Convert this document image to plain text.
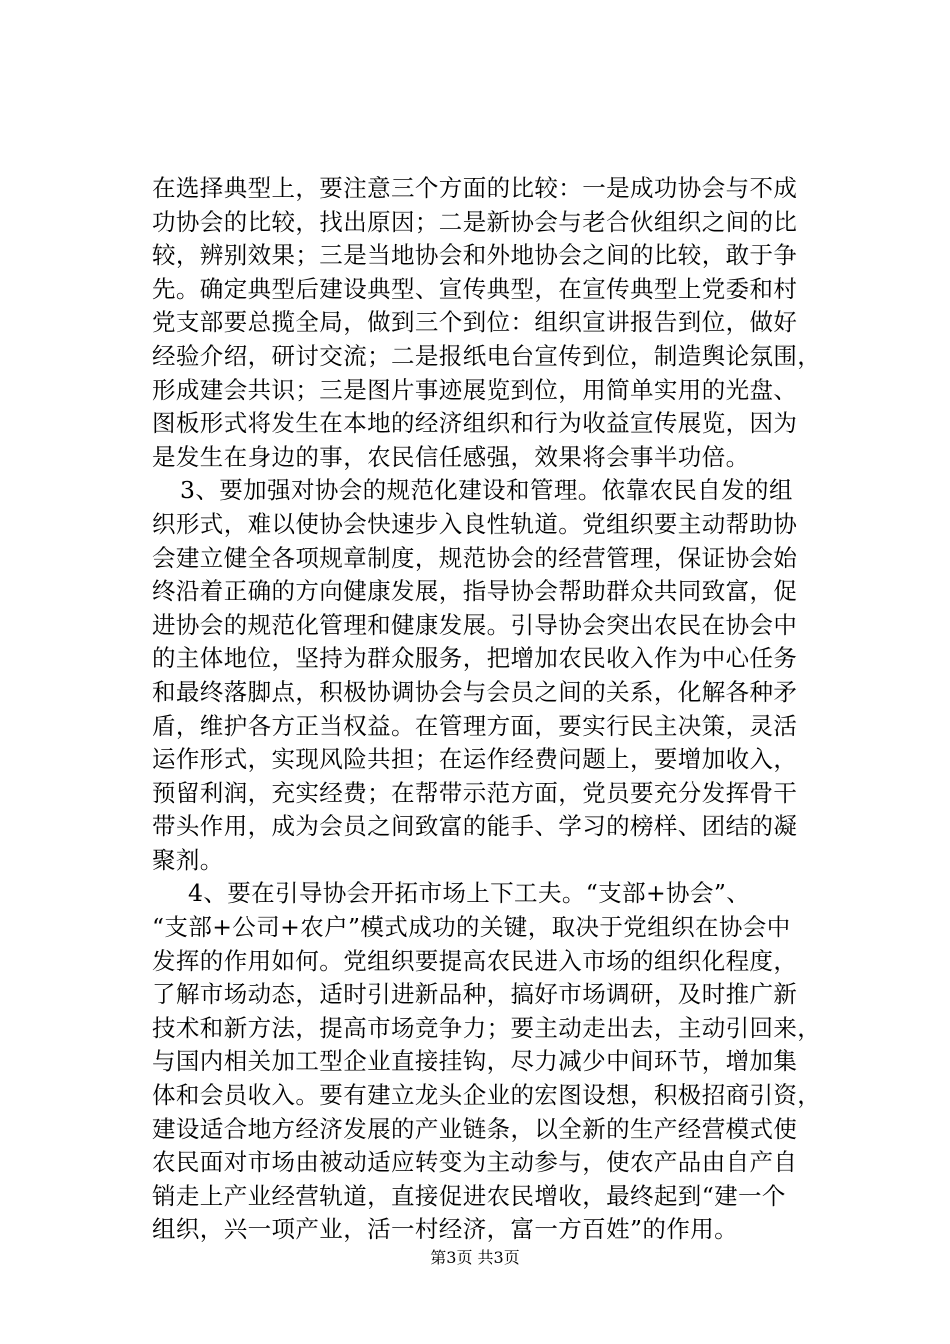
在选择典型上，要注意三个方面的比较：一是成功协会与不成
功协会的比较，找出原因；二是新协会与老合伙组织之间的比
较，辨别效果；三是当地协会和外地协会之间的比较，敢于争
先。确定典型后建设典型、宣传典型，在宣传典型上党委和村
党支部要总揽全局，做到三个到位：组织宣讲报告到位，做好
经验介绍，研讨交流；二是报纸电台宣传到位，制造舆论氛围，
形成建会共识；三是图片事迹展览到位，用简单实用的光盘、
图板形式将发生在本地的经济组织和行为收益宣传展览，因为
是发生在身边的事，农民信任感强，效果将会事半功倍。
3、要加强对协会的规范化建设和管理。依靠农民自发的组
织形式，难以使协会快速步入良性轨道。党组织要主动帮助协
会建立健全各项规章制度，规范协会的经营管理，保证协会始
终沿着正确的方向健康发展，指导协会帮助群众共同致富，促
进协会的规范化管理和健康发展。引导协会突出农民在协会中
的主体地位，坚持为群众服务，把增加农民收入作为中心任务
和最终落脚点，积极协调协会与会员之间的关系，化解各种矛
盾，维护各方正当权益。在管理方面，要实行民主决策，灵活
运作形式，实现风险共担；在运作经费问题上，要增加收入，
预留利润，充实经费；在帮带示范方面，党员要充分发挥骨干
带头作用，成为会员之间致富的能手、学习的榜样、团结的凝
聚剂。
4、要在引导协会开拓市场上下工夫。“支部+协会”、
“支部+公司+农户”模式成功的关键，取决于党组织在协会中
发挥的作用如何。党组织要提高农民进入市场的组织化程度，
了解市场动态，适时引进新品种，搞好市场调研，及时推广新
技术和新方法，提高市场竞争力；要主动走出去，主动引回来，
与国内相关加工型企业直接挂钩，尽力减少中间环节，增加集
体和会员收入。要有建立龙头企业的宏图设想，积极招商引资，
建设适合地方经济发展的产业链条，以全新的生产经营模式使
农民面对市场由被动适应转变为主动参与，使农产品由自产自
销走上产业经营轨道，直接促进农民增收，最终起到“建一个
组织，兴一项产业，活一村经济，富一方百姓”的作用。
第3页 共3页
